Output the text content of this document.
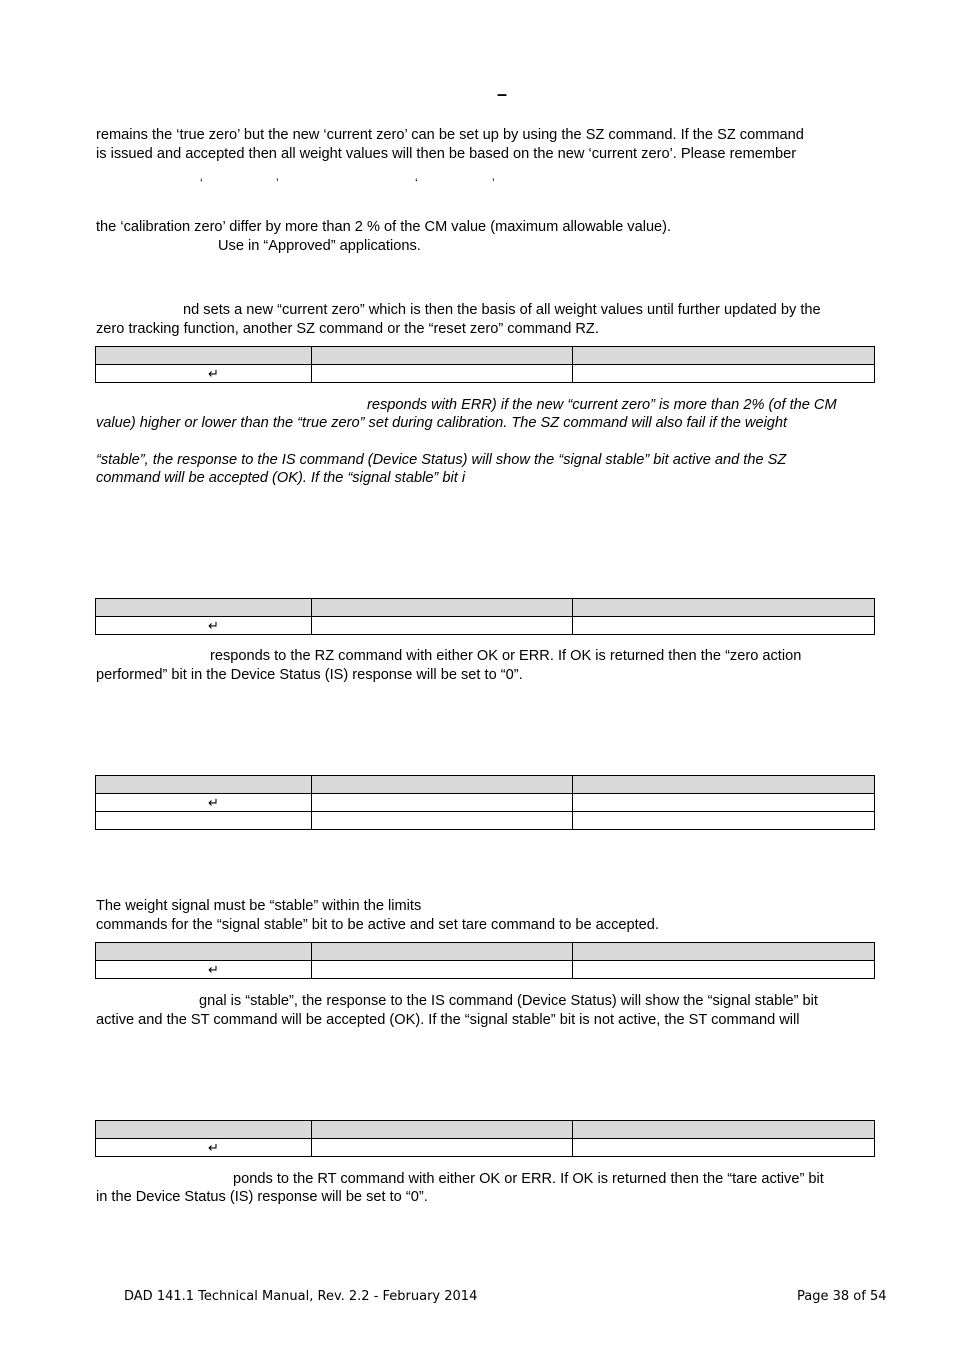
–
remains the ‘true zero’ but the new ‘current zero’ can be set up by using the SZ command. If the SZ command
is issued and accepted then all weight values will then be based on the new ‘current zero’. Please remember
‘	’	‘	’
the ‘calibration zero’ differ by more than 2 % of the CM value (maximum allowable value).
Use in “Approved” applications.
nd sets a new “current zero” which is then the basis of all weight values until further updated by the
zero tracking function, another SZ command or the “reset zero” command RZ.

↵		
responds with ERR) if the new “current zero” is more than 2% (of the CM
value) higher or lower than the “true zero” set during calibration. The SZ command will also fail if the weight
“stable”, the response to the IS command (Device Status) will show the “signal stable” bit active and the SZ
command will be accepted (OK). If the “signal stable” bit i

↵		
responds to the RZ command with either OK or ERR. If OK is returned then the “zero action
performed” bit in the Device Status (IS) response will be set to “0”.

↵		

The weight signal must be “stable” within the limits
commands for the “signal stable” bit to be active and set tare command to be accepted.

↵		
gnal is “stable”, the response to the IS command (Device Status) will show the “signal stable” bit
active and the ST command will be accepted (OK). If the “signal stable” bit is not active, the ST command will

↵		
ponds to the RT command with either OK or ERR. If OK is returned then the “tare active” bit
in the Device Status (IS) response will be set to “0”.
DAD 141.1 Technical Manual, Rev. 2.2 - February 2014	Page 38 of 54
